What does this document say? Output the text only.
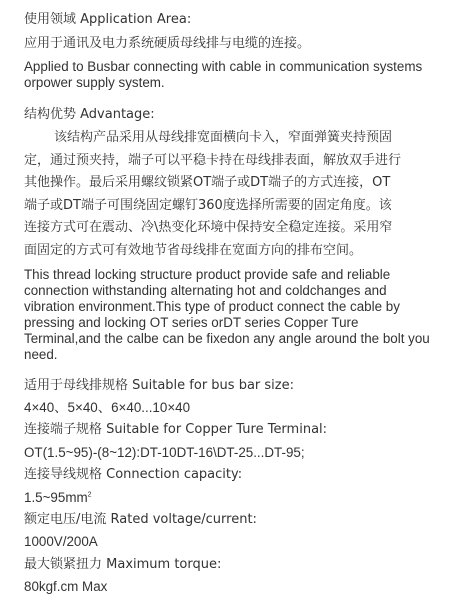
使用领域 Application Area:

应用于通讯及电力系统硬质母线排与电缆的连接。

Applied to Busbar connecting with cable in communication systems orpower supply system.

结构优势 Advantage:

该结构产品采用从母线排宽面横向卡入，窄面弹簧夹持预固
定，通过预夹持，端子可以平稳卡持在母线排表面，解放双手进行
其他操作。最后采用螺纹锁紧OT端子或DT端子的方式连接，OT
端子或DT端子可围绕固定螺钉360度选择所需要的固定角度。该
连接方式可在震动、冷\热变化环境中保持安全稳定连接。采用窄
面固定的方式可有效地节省母线排在宽面方向的排布空间。

This thread locking structure product provide safe and reliable connection withstanding alternating hot and coldchanges and vibration environment.This type of product connect the cable by pressing and locking OT series orDT series Copper Ture Terminal,and the calbe can be fixedon any angle around the bolt you need.

适用于母线排规格 Suitable for bus bar size:

4×40、5×40、6×40...10×40

连接端子规格 Suitable for Copper Ture Terminal:

OT(1.5~95)-(8~12):DT-10DT-16\DT-25...DT-95;

连接导线规格 Connection capacity:

$1.5\sim 95mm^2$

额定电压/电流 Rated voltage/current:

1000V/200A

最大锁紧扭力 Maximum torque:

80kgf.cm Max
